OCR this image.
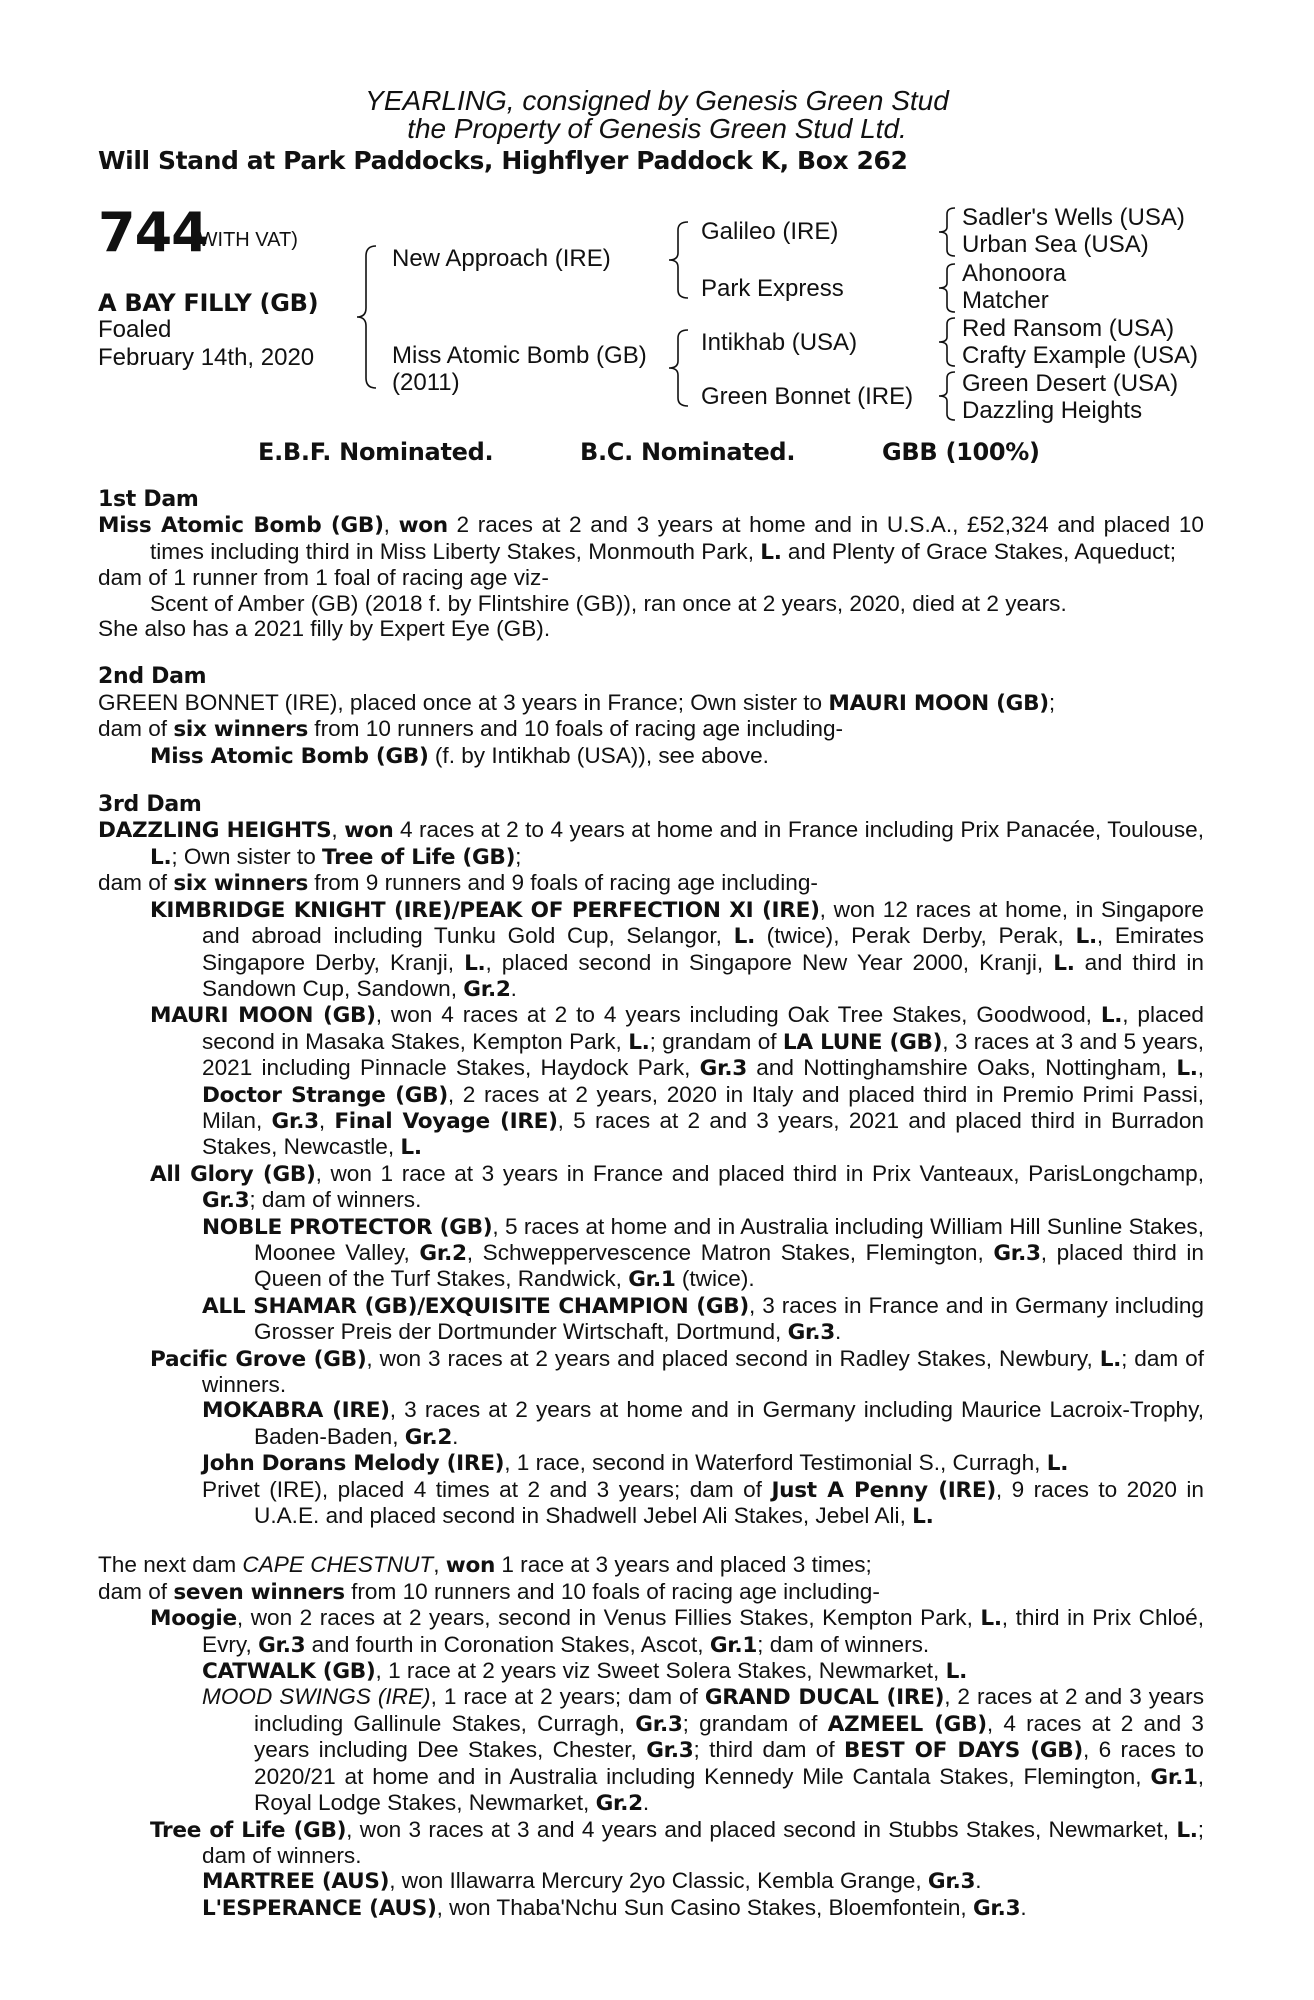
YEARLING, consigned by Genesis Green Stud
the Property of Genesis Green Stud Ltd.
Will Stand at Park Paddocks, Highflyer Paddock K, Box 262
744
(WITH VAT)
A BAY FILLY (GB)
Foaled
February 14th, 2020
New Approach (IRE)
Miss Atomic Bomb (GB)
(2011)
Galileo (IRE)
Park Express
Intikhab (USA)
Green Bonnet (IRE)
Sadler's Wells (USA)
Urban Sea (USA)
Ahonoora
Matcher
Red Ransom (USA)
Crafty Example (USA)
Green Desert (USA)
Dazzling Heights
E.B.F. Nominated.	B.C. Nominated.	GBB (100%)
1st Dam
Miss Atomic Bomb (GB), won 2 races at 2 and 3 years at home and in U.S.A., £52,324 and placed 10 times including third in Miss Liberty Stakes, Monmouth Park, L. and Plenty of Grace Stakes, Aqueduct;
dam of 1 runner from 1 foal of racing age viz-
Scent of Amber (GB) (2018 f. by Flintshire (GB)), ran once at 2 years, 2020, died at 2 years.
She also has a 2021 filly by Expert Eye (GB).
2nd Dam
GREEN BONNET (IRE), placed once at 3 years in France; Own sister to MAURI MOON (GB);
dam of six winners from 10 runners and 10 foals of racing age including-
Miss Atomic Bomb (GB) (f. by Intikhab (USA)), see above.
3rd Dam
DAZZLING HEIGHTS, won 4 races at 2 to 4 years at home and in France including Prix Panacée, Toulouse, L.; Own sister to Tree of Life (GB);
dam of six winners from 9 runners and 9 foals of racing age including-
KIMBRIDGE KNIGHT (IRE)/PEAK OF PERFECTION XI (IRE), won 12 races at home, in Singapore and abroad including Tunku Gold Cup, Selangor, L. (twice), Perak Derby, Perak, L., Emirates Singapore Derby, Kranji, L., placed second in Singapore New Year 2000, Kranji, L. and third in Sandown Cup, Sandown, Gr.2.
MAURI MOON (GB), won 4 races at 2 to 4 years including Oak Tree Stakes, Goodwood, L., placed second in Masaka Stakes, Kempton Park, L.; grandam of LA LUNE (GB), 3 races at 3 and 5 years, 2021 including Pinnacle Stakes, Haydock Park, Gr.3 and Nottinghamshire Oaks, Nottingham, L., Doctor Strange (GB), 2 races at 2 years, 2020 in Italy and placed third in Premio Primi Passi, Milan, Gr.3, Final Voyage (IRE), 5 races at 2 and 3 years, 2021 and placed third in Burradon Stakes, Newcastle, L.
All Glory (GB), won 1 race at 3 years in France and placed third in Prix Vanteaux, ParisLongchamp, Gr.3; dam of winners.
NOBLE PROTECTOR (GB), 5 races at home and in Australia including William Hill Sunline Stakes, Moonee Valley, Gr.2, Schweppervescence Matron Stakes, Flemington, Gr.3, placed third in Queen of the Turf Stakes, Randwick, Gr.1 (twice).
ALL SHAMAR (GB)/EXQUISITE CHAMPION (GB), 3 races in France and in Germany including Grosser Preis der Dortmunder Wirtschaft, Dortmund, Gr.3.
Pacific Grove (GB), won 3 races at 2 years and placed second in Radley Stakes, Newbury, L.; dam of winners.
MOKABRA (IRE), 3 races at 2 years at home and in Germany including Maurice Lacroix-Trophy, Baden-Baden, Gr.2.
John Dorans Melody (IRE), 1 race, second in Waterford Testimonial S., Curragh, L.
Privet (IRE), placed 4 times at 2 and 3 years; dam of Just A Penny (IRE), 9 races to 2020 in U.A.E. and placed second in Shadwell Jebel Ali Stakes, Jebel Ali, L.
The next dam CAPE CHESTNUT, won 1 race at 3 years and placed 3 times;
dam of seven winners from 10 runners and 10 foals of racing age including-
Moogie, won 2 races at 2 years, second in Venus Fillies Stakes, Kempton Park, L., third in Prix Chloé, Evry, Gr.3 and fourth in Coronation Stakes, Ascot, Gr.1; dam of winners.
CATWALK (GB), 1 race at 2 years viz Sweet Solera Stakes, Newmarket, L.
MOOD SWINGS (IRE), 1 race at 2 years; dam of GRAND DUCAL (IRE), 2 races at 2 and 3 years including Gallinule Stakes, Curragh, Gr.3; grandam of AZMEEL (GB), 4 races at 2 and 3 years including Dee Stakes, Chester, Gr.3; third dam of BEST OF DAYS (GB), 6 races to 2020/21 at home and in Australia including Kennedy Mile Cantala Stakes, Flemington, Gr.1, Royal Lodge Stakes, Newmarket, Gr.2.
Tree of Life (GB), won 3 races at 3 and 4 years and placed second in Stubbs Stakes, Newmarket, L.; dam of winners.
MARTREE (AUS), won Illawarra Mercury 2yo Classic, Kembla Grange, Gr.3.
L'ESPERANCE (AUS), won Thaba'Nchu Sun Casino Stakes, Bloemfontein, Gr.3.
